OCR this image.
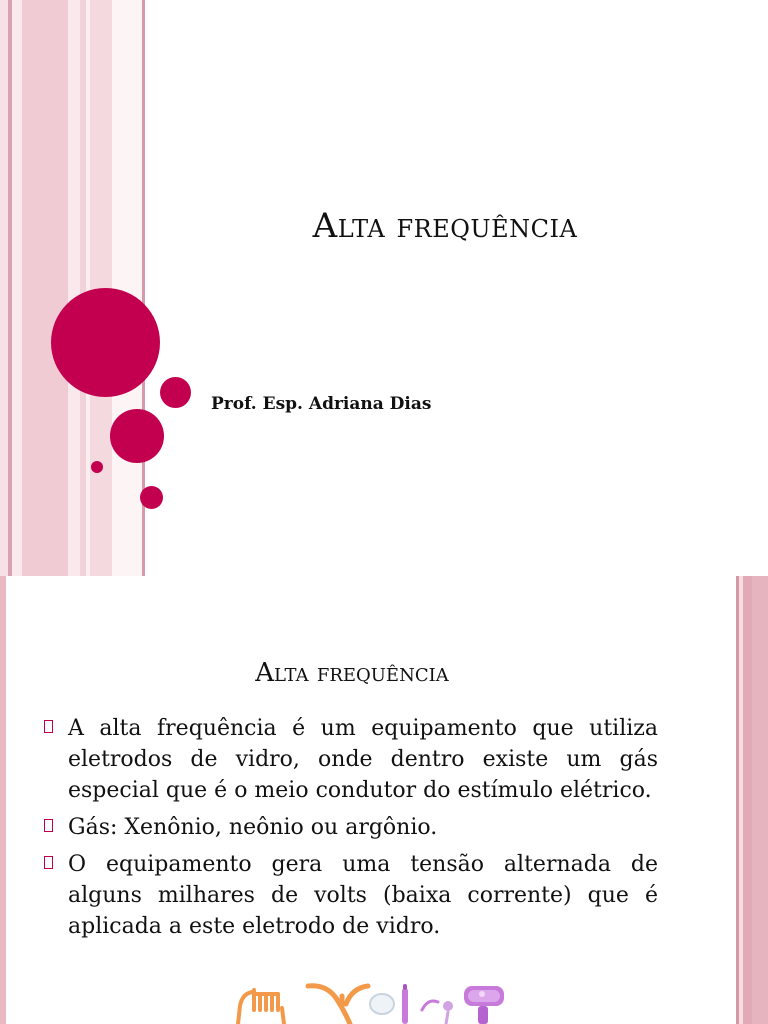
Alta frequência
Prof. Esp. Adriana Dias
Alta frequência
A alta frequência é um equipamento que utiliza eletrodos de vidro, onde dentro existe um gás especial que é o meio condutor do estímulo elétrico.
Gás: Xenônio, neônio ou argônio.
O equipamento gera uma tensão alternada de alguns milhares de volts (baixa corrente) que é aplicada a este eletrodo de vidro.
